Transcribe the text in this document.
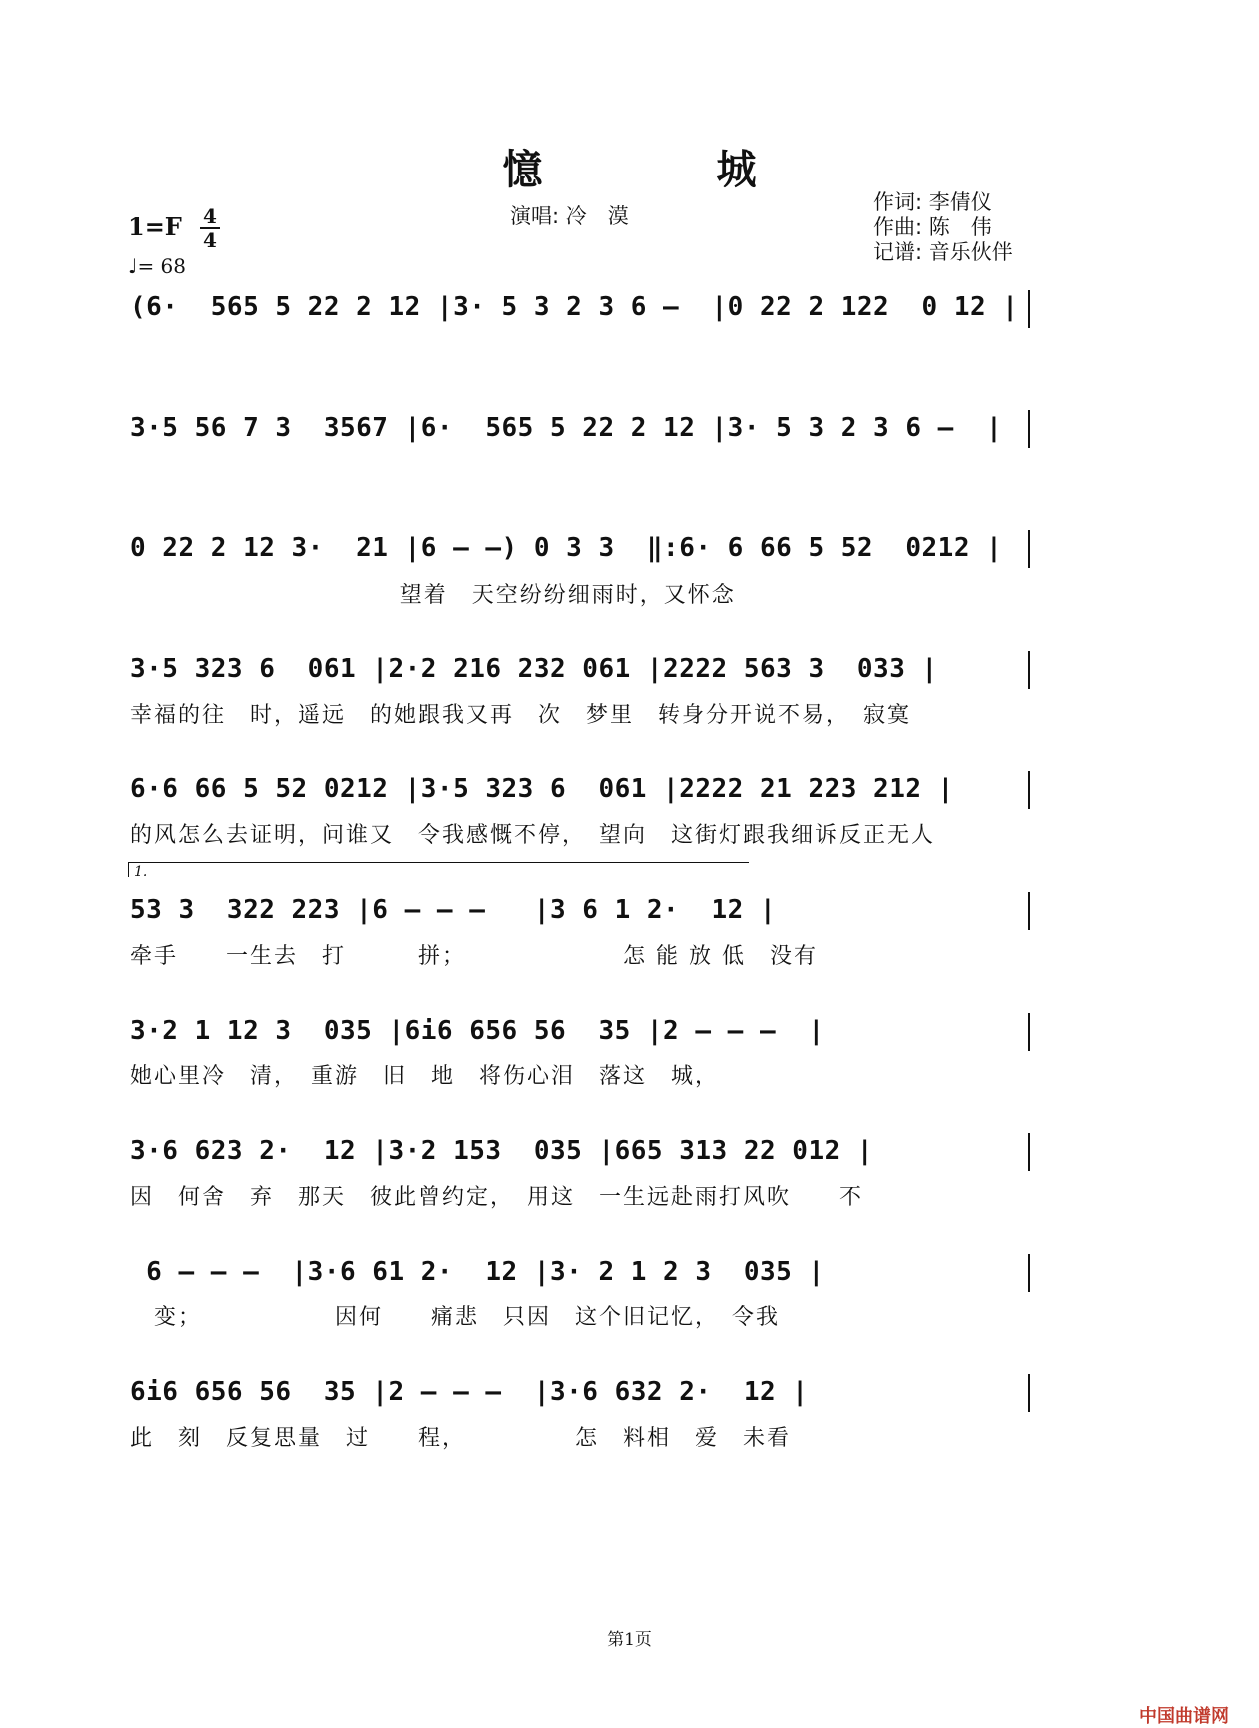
憶 城
演唱: 冷　漠
作词: 李倩仪
作曲: 陈　伟
记谱: 音乐伙伴
1=F 4
4
♩= 68
(6·  565 5 22 2 12 |3· 5 3 2 3 6 –  |0 22 2 122  0 12 |
3·5 56 7 3  3567 |6·  565 5 22 2 12 |3· 5 3 2 3 6 –  |
0 22 2 12 3·  21 |6 – –) 0 3 3  ‖:6· 6 66 5 52  0212 |
望着　天空纷纷细雨时，又怀念
3·5 323 6  061 |2·2 216 232 061 |2222 563 3  033 |
幸福的往　时，遥远　的她跟我又再　次　梦里　转身分开说不易，　寂寞
6·6 66 5 52 0212 |3·5 323 6  061 |2222 21 223 212 |
的风怎么去证明，问谁又　令我感慨不停，　望向　这街灯跟我细诉反正无人
1.
53 3  322 223 |6 – – –   |3 6 1 2·  12 |
牵手　　一生去　打　　　拼；　　　　　　　怎 能 放 低　没有
3·2 1 12 3  035 |6i6 656 56  35 |2 – – –  |
她心里冷　清，　重游　旧　地　将伤心泪　落这　城，
3·6 623 2·  12 |3·2 153  035 |665 313 22 012 |
因　何舍　弃　那天　彼此曾约定，　用这　一生远赴雨打风吹　　不
6 – – –  |3·6 61 2·  12 |3· 2 1 2 3  035 |
　变；　　　　　　因何　　痛悲　只因　这个旧记忆，　令我
6i6 656 56  35 |2 – – –  |3·6 632 2·  12 |
此　刻　反复思量　过　　程，　　　　　怎　料相　爱　未看
第1页
中国曲谱网
